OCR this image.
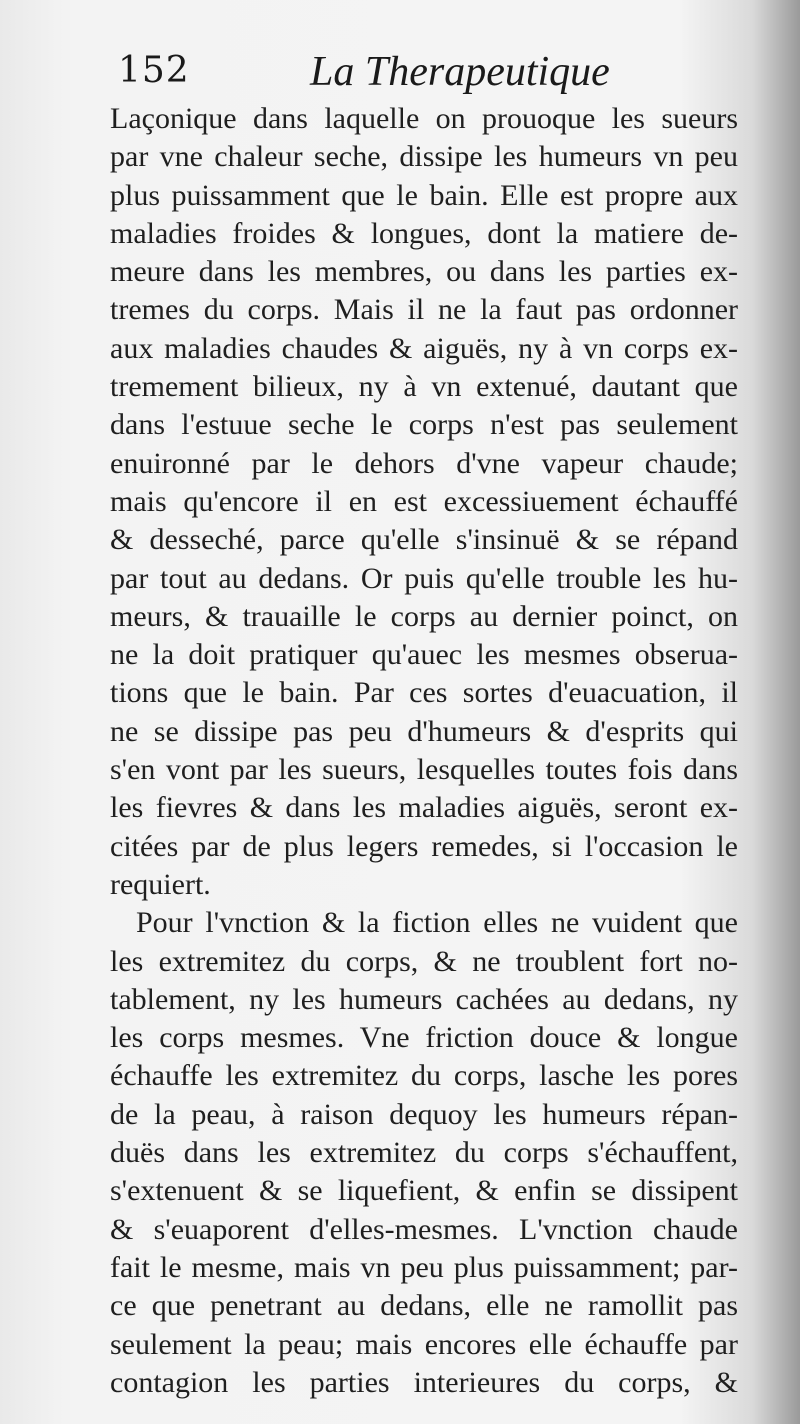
152	La Therapeutique
Laçonique dans laquelle on prouoque les sueurs
par vne chaleur seche, dissipe les humeurs vn peu
plus puissamment que le bain. Elle est propre aux
maladies froides & longues, dont la matiere de-
meure dans les membres, ou dans les parties ex-
tremes du corps. Mais il ne la faut pas ordonner
aux maladies chaudes & aiguës, ny à vn corps ex-
tremement bilieux, ny à vn extenué, dautant que
dans l'estuue seche le corps n'est pas seulement
enuironné par le dehors d'vne vapeur chaude;
mais qu'encore il en est excessiuement échauffé
& desseché, parce qu'elle s'insinuë & se répand
par tout au dedans. Or puis qu'elle trouble les hu-
meurs, & trauaille le corps au dernier poinct, on
ne la doit pratiquer qu'auec les mesmes obserua-
tions que le bain. Par ces sortes d'euacuation, il
ne se dissipe pas peu d'humeurs & d'esprits qui
s'en vont par les sueurs, lesquelles toutes fois dans
les fievres & dans les maladies aiguës, seront ex-
citées par de plus legers remedes, si l'occasion le
requiert.
Pour l'vnction & la fiction elles ne vuident que
les extremitez du corps, & ne troublent fort no-
tablement, ny les humeurs cachées au dedans, ny
les corps mesmes. Vne friction douce & longue
échauffe les extremitez du corps, lasche les pores
de la peau, à raison dequoy les humeurs répan-
duës dans les extremitez du corps s'échauffent,
s'extenuent & se liquefient, & enfin se dissipent
& s'euaporent d'elles-mesmes. L'vnction chaude
fait le mesme, mais vn peu plus puissamment; par-
ce que penetrant au dedans, elle ne ramollit pas
seulement la peau; mais encores elle échauffe par
contagion les parties interieures du corps, &
